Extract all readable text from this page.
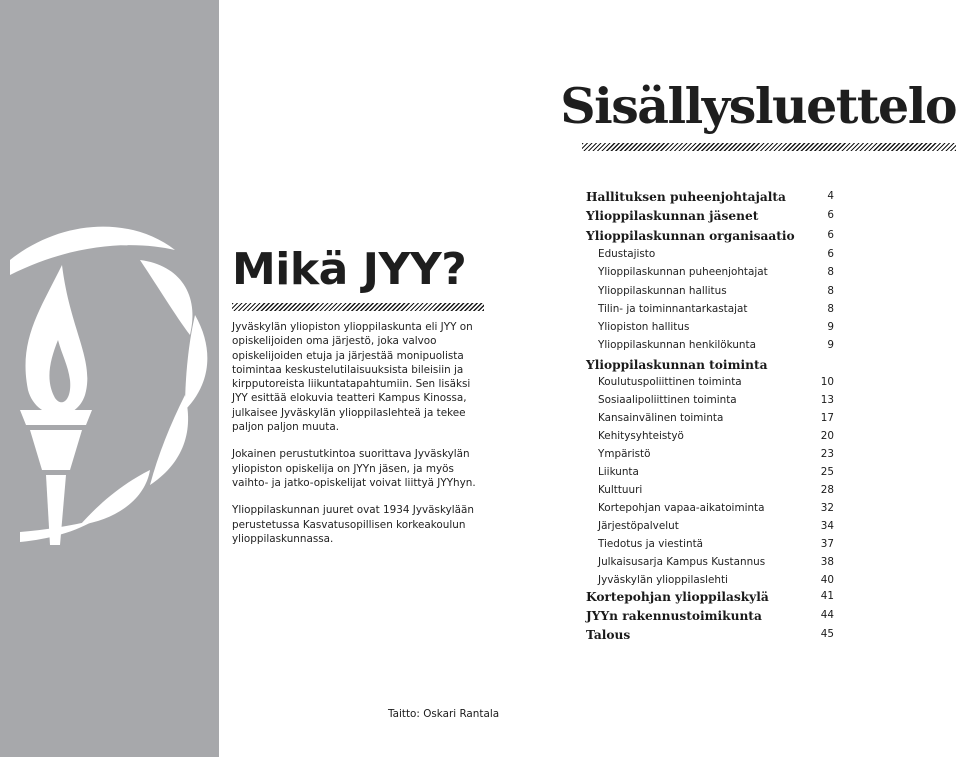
Mikä JYY?

Jyväskylän yliopiston ylioppilaskunta eli JYY on opiskelijoiden oma järjestö, joka valvoo opiskelijoiden etuja ja järjestää monipuolista toimintaa keskustelutilaisuuksista bileisiin ja kirpputoreista liikuntatapahtumiin. Sen lisäksi JYY esittää elokuvia teatteri Kampus Kinossa, julkaisee Jyväskylän ylioppilaslehteä ja tekee paljon paljon muuta.

Jokainen perustutkintoa suorittava Jyväskylän yliopiston opiskelija on JYYn jäsen, ja myös vaihto- ja jatko-opiskelijat voivat liittyä JYYhyn.

Ylioppilaskunnan juuret ovat 1934 Jyväskylään perustetussa Kasvatusopillisen korkeakoulun ylioppilaskunnassa.

Taitto: Oskari Rantala
Sisällysluettelo
Hallituksen puheenjohtajalta	4
Ylioppilaskunnan jäsenet	6
Ylioppilaskunnan organisaatio	6
Edustajisto	6
Ylioppilaskunnan puheenjohtajat	8
Ylioppilaskunnan hallitus	8
Tilin- ja toiminnantarkastajat	8
Yliopiston hallitus	9
Ylioppilaskunnan henkilökunta	9
Ylioppilaskunnan toiminta
Koulutuspoliittinen toiminta	10
Sosiaalipoliittinen toiminta	13
Kansainvälinen toiminta	17
Kehitysyhteistyö	20
Ympäristö	23
Liikunta	25
Kulttuuri	28
Kortepohjan vapaa-aikatoiminta	32
Järjestöpalvelut	34
Tiedotus ja viestintä	37
Julkaisusarja Kampus Kustannus	38
Jyväskylän ylioppilaslehti	40
Kortepohjan ylioppilaskylä	41
JYYn rakennustoimikunta	44
Talous	45
